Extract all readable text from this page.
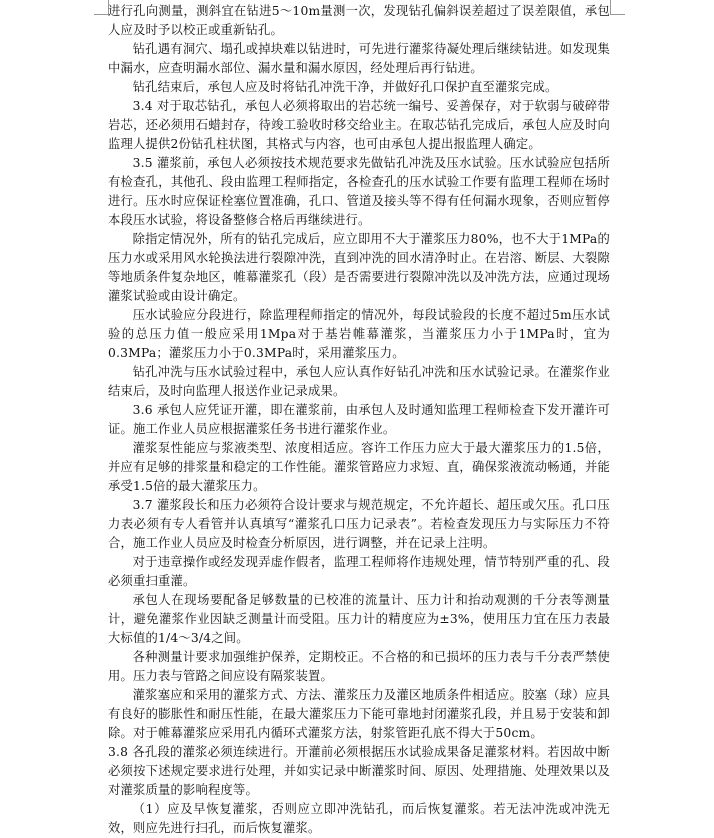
进行孔向测量，测斜宜在钻进5～10m量测一次，发现钻孔偏斜误差超过了误差限值，承包人应及时予以校正或重新钻孔。

钻孔遇有洞穴、塌孔或掉块难以钻进时，可先进行灌浆待凝处理后继续钻进。如发现集中漏水，应查明漏水部位、漏水量和漏水原因，经处理后再行钻进。

钻孔结束后，承包人应及时将钻孔冲洗干净，并做好孔口保护直至灌浆完成。

3.4 对于取芯钻孔，承包人必须将取出的岩芯统一编号、妥善保存，对于软弱与破碎带岩芯，还必须用石蜡封存，待竣工验收时移交给业主。在取芯钻孔完成后，承包人应及时向监理人提供2份钻孔柱状图，其格式与内容，也可由承包人提出报监理人确定。

3.5 灌浆前，承包人必须按技术规范要求先做钻孔冲洗及压水试验。压水试验应包括所有检查孔，其他孔、段由监理工程师指定，各检查孔的压水试验工作要有监理工程师在场时进行。压水时应保证栓塞位置准确，孔口、管道及接头等不得有任何漏水现象，否则应暂停本段压水试验，将设备整修合格后再继续进行。

除指定情况外，所有的钻孔完成后，应立即用不大于灌浆压力80%，也不大于1MPa的压力水或采用风水轮换法进行裂隙冲洗，直到冲洗的回水清净时止。在岩溶、断层、大裂隙等地质条件复杂地区，帷幕灌浆孔（段）是否需要进行裂隙冲洗以及冲洗方法，应通过现场灌浆试验或由设计确定。

压水试验应分段进行，除监理程师指定的情况外，每段试验段的长度不超过5m压水试验的总压力值一般应采用1Mpa对于基岩帷幕灌浆，当灌浆压力小于1MPa时，宜为0.3MPa；灌浆压力小于0.3MPa时，采用灌浆压力。

钻孔冲洗与压水试验过程中，承包人应认真作好钻孔冲洗和压水试验记录。在灌浆作业结束后，及时向监理人报送作业记录成果。

3.6 承包人应凭证开灌，即在灌浆前，由承包人及时通知监理工程师检查下发开灌许可证。施工作业人员应根据灌浆任务书进行灌浆作业。

灌浆泵性能应与浆液类型、浓度相适应。容许工作压力应大于最大灌浆压力的1.5倍，并应有足够的排浆量和稳定的工作性能。灌浆管路应力求短、直，确保浆液流动畅通，并能承受1.5倍的最大灌浆压力。

3.7 灌浆段长和压力必须符合设计要求与规范规定，不允许超长、超压或欠压。孔口压力表必须有专人看管并认真填写“灌浆孔口压力记录表”。若检查发现压力与实际压力不符合，施工作业人员应及时检查分析原因，进行调整，并在记录上注明。

对于违章操作或经发现弄虚作假者，监理工程师将作违规处理，情节特别严重的孔、段必须重扫重灌。

承包人在现场要配备足够数量的已校准的流量计、压力计和抬动观测的千分表等测量计，避免灌浆作业因缺乏测量计而受阻。压力计的精度应为±3%，使用压力宜在压力表最大标值的1/4～3/4之间。

各种测量计要求加强维护保养，定期校正。不合格的和已损坏的压力表与千分表严禁使用。压力表与管路之间应设有隔浆装置。

灌浆塞应和采用的灌浆方式、方法、灌浆压力及灌区地质条件相适应。胶塞（球）应具有良好的膨胀性和耐压性能，在最大灌浆压力下能可靠地封闭灌浆孔段，并且易于安装和卸除。对于帷幕灌浆应采用孔内循环式灌浆方法，射浆管距孔底不得大于50cm。

3.8 各孔段的灌浆必须连续进行。开灌前必须根据压水试验成果备足灌浆材料。若因故中断必须按下述规定要求进行处理，并如实记录中断灌浆时间、原因、处理措施、处理效果以及对灌浆质量的影响程度等。

（1）应及早恢复灌浆，否则应立即冲洗钻孔，而后恢复灌浆。若无法冲洗或冲洗无效，则应先进行扫孔，而后恢复灌浆。
